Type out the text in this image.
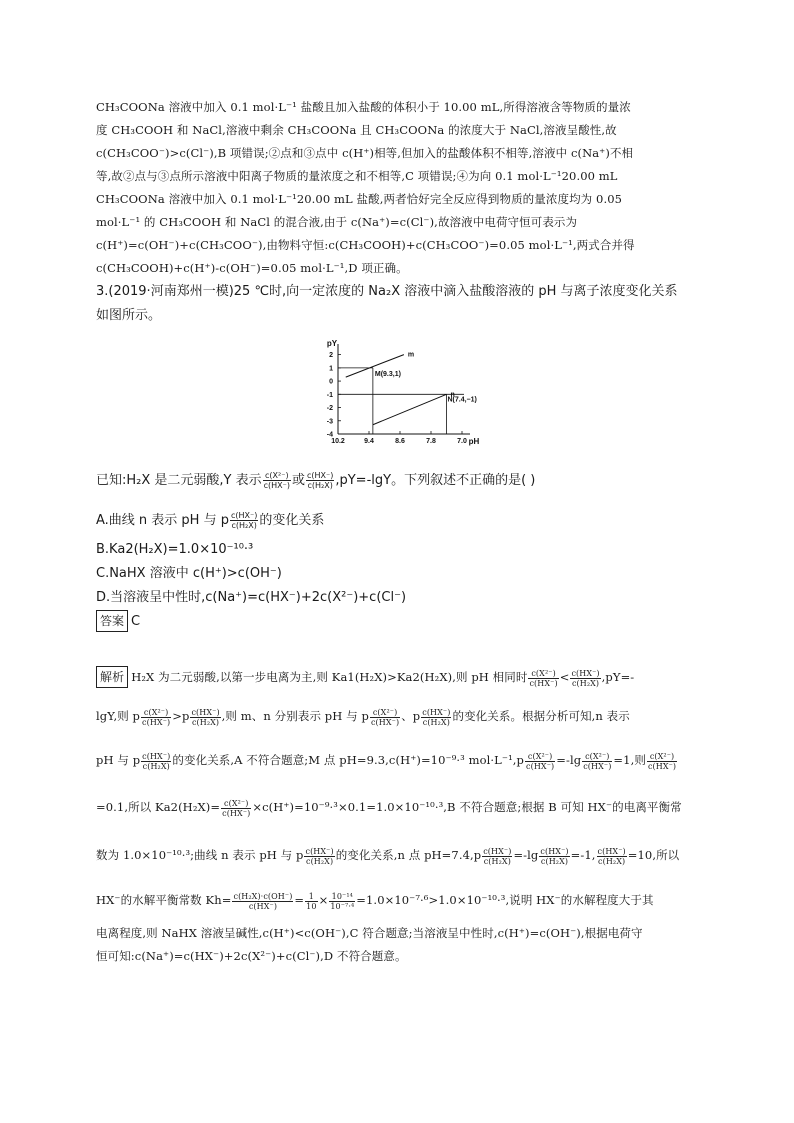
CH₃COONa 溶液中加入 0.1 mol·L⁻¹ 盐酸且加入盐酸的体积小于 10.00 mL,所得溶液含等物质的量浓
度 CH₃COOH 和 NaCl,溶液中剩余 CH₃COONa 且 CH₃COONa 的浓度大于 NaCl,溶液呈酸性,故
c(CH₃COO⁻)>c(Cl⁻),B 项错误;②点和③点中 c(H⁺)相等,但加入的盐酸体积不相等,溶液中 c(Na⁺)不相
等,故②点与③点所示溶液中阳离子物质的量浓度之和不相等,C 项错误;④为向 0.1 mol·L⁻¹20.00 mL
CH₃COONa 溶液中加入 0.1 mol·L⁻¹20.00 mL 盐酸,两者恰好完全反应得到物质的量浓度均为 0.05
mol·L⁻¹ 的 CH₃COOH 和 NaCl 的混合液,由于 c(Na⁺)=c(Cl⁻),故溶液中电荷守恒可表示为
c(H⁺)=c(OH⁻)+c(CH₃COO⁻),由物料守恒:c(CH₃COOH)+c(CH₃COO⁻)=0.05 mol·L⁻¹,两式合并得
c(CH₃COOH)+c(H⁺)-c(OH⁻)=0.05 mol·L⁻¹,D 项正确。
3.(2019·河南郑州一模)25 ℃时,向一定浓度的 Na₂X 溶液中滴入盐酸溶液的 pH 与离子浓度变化关系
如图所示。
pY
pH
10.2	9.4	8.6	7.8	7.0
2
1
0
-1
-2
-3
-4
m
n
M(9.3,1)
N(7.4,−1)
已知:H₂X 是二元弱酸,Y 表示 $\frac{\text{c(X²⁻)}}{c(HX^-)}$ 或 $\frac{c(HX^-)}{\text{c(H₂X)}} ,pY=-\lg Y$。下列叙述不正确的是( )
A.曲线 n 表示 pH 与 p $\frac{c(HX^-)}{\text{c(H₂X)}}$ 的变化关系
B.Ka2(H₂X)=1.0×10⁻¹⁰·³
C.NaHX 溶液中 c(H⁺)>c(OH⁻)
D.当溶液呈中性时,c(Na⁺)=c(HX⁻)+2c(X²⁻)+c(Cl⁻)
答案 C
解析 H₂X 为二元弱酸,以第一步电离为主,则 Ka1(H₂X)>Ka2(H₂X),则 pH 相同时 $\frac{\text{c(X²⁻)}}{c(HX^-)} < \frac{c(HX^-)}{\text{c(H₂X)}} ,pY=-$
lgY,则 p $\frac{\text{c(X²⁻)}}{c(HX^-)} >p \frac{c(HX^-)}{\text{c(H₂X)}}$ ,则 m、n 分别表示 pH 与 p $\frac{\text{c(X²⁻)}}{c(HX^-)}$ 、p $\frac{c(HX^-)}{\text{c(H₂X)}}$ 的变化关系。根据分析可知,n 表示
pH 与 p $\frac{c(HX^-)}{\text{c(H₂X)}}$ 的变化关系,A 不符合题意;M 点 pH=9.3,c(H⁺)=10⁻⁹·³ $mol\cdot L^{-1},p \frac{\text{c(X²⁻)}}{c(HX^-)} =-\lg \frac{\text{c(X²⁻)}}{c(HX^-)} =1$,则 $\frac{\text{c(X²⁻)}}{c(HX^-)}$
=0.1,所以 $Ka2(H_2X)= \frac{\text{c(X²⁻)}}{c(HX^-)} \times c(H^+)=10^{-9}\cdot^3\times 0.1=1.0\times 10^{-10}\cdot^3,B$ 不符合题意;根据 B 可知 HX⁻的电离平衡常
数为 1.0×10⁻¹⁰·³;曲线 n 表示 pH 与 p $\frac{c(HX^-)}{\text{c(H₂X)}}$ 的变化关系,n 点 $pH=7.4,p \frac{c(HX^-)}{\text{c(H₂X)}} =-\lg \frac{c(HX^-)}{\text{c(H₂X)}} =-1$, $\frac{c(HX^-)}{\text{c(H₂X)}} =10$,所以
HX⁻的水解平衡常数 $Kh= \frac{\text{c(H₂X)·c(OH⁻)}}{c(HX^-)} = \frac{1}{10} \times \frac{\text{10⁻¹⁴}}{\text{10⁻⁷·⁴}} =1.0\times 10^{-7}\cdot^6>1.0\times 10^{-10}\cdot^3$,说明 HX⁻的水解程度大于其
电离程度,则 NaHX 溶液呈碱性,c(H⁺)<c(OH⁻),C 符合题意;当溶液呈中性时,c(H⁺)=c(OH⁻),根据电荷守
恒可知:c(Na⁺)=c(HX⁻)+2c(X²⁻)+c(Cl⁻),D 不符合题意。
